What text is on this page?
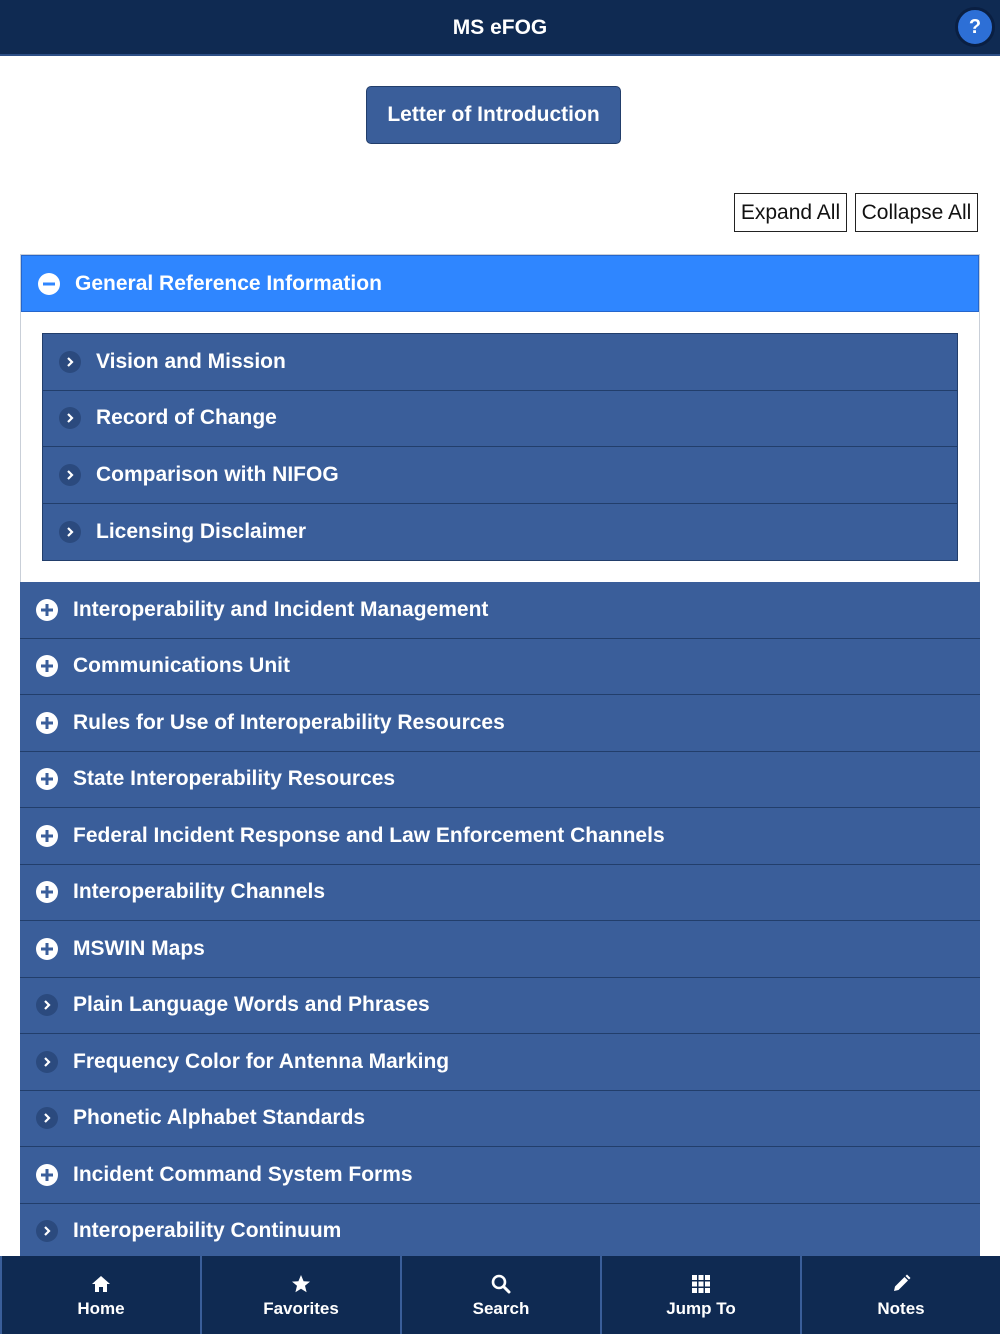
MS eFOG	?
Letter of Introduction
Expand All	Collapse All
General Reference Information
Vision and Mission
Record of Change
Comparison with NIFOG
Licensing Disclaimer
Interoperability and Incident Management
Communications Unit
Rules for Use of Interoperability Resources
State Interoperability Resources
Federal Incident Response and Law Enforcement Channels
Interoperability Channels
MSWIN Maps
Plain Language Words and Phrases
Frequency Color for Antenna Marking
Phonetic Alphabet Standards
Incident Command System Forms
Interoperability Continuum
Home	Favorites	Search	Jump To	Notes
